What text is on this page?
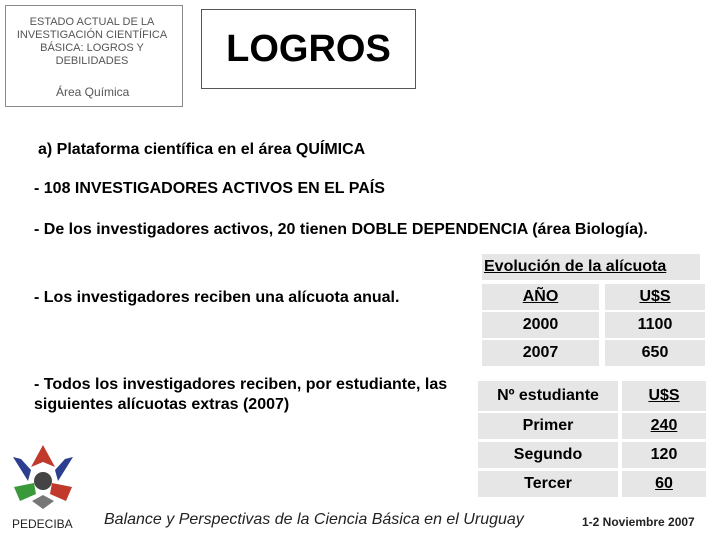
ESTADO ACTUAL DE LA INVESTIGACIÓN CIENTÍFICA BÁSICA: LOGROS Y DEBILIDADES
Área Química
LOGROS
a) Plataforma científica en el área QUÍMICA
- 108 INVESTIGADORES ACTIVOS EN EL PAÍS
- De los investigadores activos, 20 tienen DOBLE DEPENDENCIA (área Biología).
- Los investigadores reciben una alícuota anual.
- Todos los investigadores reciben, por estudiante, las siguientes alícuotas extras (2007)
Evolución de la alícuota
AÑO	U$S
2000	1100
2007	650
Nº estudiante	U$S
Primer	240
Segundo	120
Tercer	60
PEDECIBA Balance y Perspectivas de la Ciencia Básica en el Uruguay	1-2 Noviembre 2007
